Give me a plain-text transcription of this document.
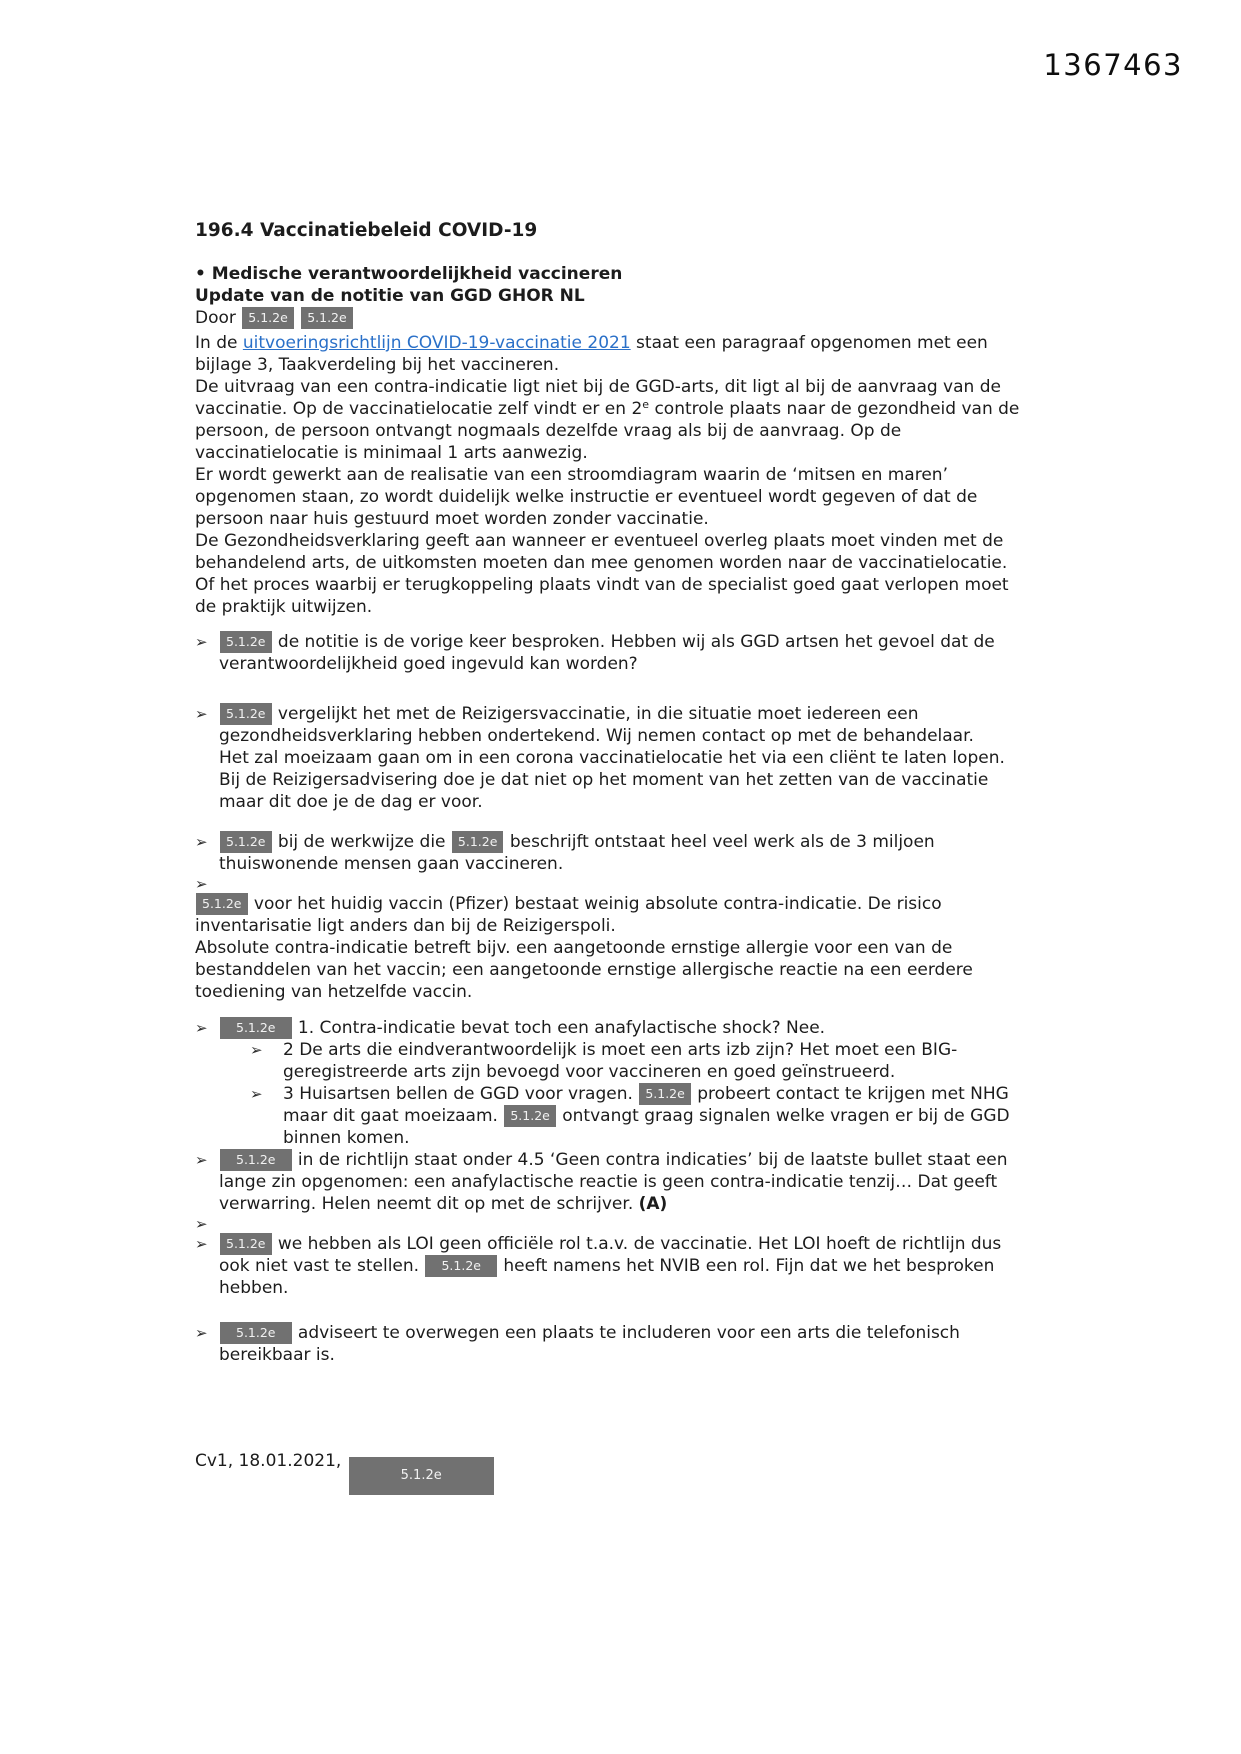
1367463
196.4 Vaccinatiebeleid COVID-19
• Medische verantwoordelijkheid vaccineren
Update van de notitie van GGD GHOR NL
Door 5.1.2e 5.1.2e

In de uitvoeringsrichtlijn COVID-19-vaccinatie 2021 staat een paragraaf opgenomen met een bijlage 3, Taakverdeling bij het vaccineren.

De uitvraag van een contra-indicatie ligt niet bij de GGD-arts, dit ligt al bij de aanvraag van de vaccinatie. Op de vaccinatielocatie zelf vindt er en 2e controle plaats naar de gezondheid van de persoon, de persoon ontvangt nogmaals dezelfde vraag als bij de aanvraag. Op de vaccinatielocatie is minimaal 1 arts aanwezig.

Er wordt gewerkt aan de realisatie van een stroomdiagram waarin de ‘mitsen en maren’ opgenomen staan, zo wordt duidelijk welke instructie er eventueel wordt gegeven of dat de persoon naar huis gestuurd moet worden zonder vaccinatie.

De Gezondheidsverklaring geeft aan wanneer er eventueel overleg plaats moet vinden met de behandelend arts, de uitkomsten moeten dan mee genomen worden naar de vaccinatielocatie.

Of het proces waarbij er terugkoppeling plaats vindt van de specialist goed gaat verlopen moet de praktijk uitwijzen.

➢ 5.1.2e de notitie is de vorige keer besproken. Hebben wij als GGD artsen het gevoel dat de verantwoordelijkheid goed ingevuld kan worden?
➢ 5.1.2e vergelijkt het met de Reizigersvaccinatie, in die situatie moet iedereen een gezondheidsverklaring hebben ondertekend. Wij nemen contact op met de behandelaar.
Het zal moeizaam gaan om in een corona vaccinatielocatie het via een cliënt te laten lopen. Bij de Reizigersadvisering doe je dat niet op het moment van het zetten van de vaccinatie maar dit doe je de dag er voor.
➢ 5.1.2e bij de werkwijze die 5.1.2e beschrijft ontstaat heel veel werk als de 3 miljoen thuiswonende mensen gaan vaccineren.
➢

5.1.2e voor het huidig vaccin (Pfizer) bestaat weinig absolute contra-indicatie. De risico inventarisatie ligt anders dan bij de Reizigerspoli.

Absolute contra-indicatie betreft bijv. een aangetoonde ernstige allergie voor een van de bestanddelen van het vaccin; een aangetoonde ernstige allergische reactie na een eerdere toediening van hetzelfde vaccin.

➢ 5.1.2e 1. Contra-indicatie bevat toch een anafylactische shock? Nee.
➢ 2 De arts die eindverantwoordelijk is moet een arts izb zijn? Het moet een BIG-geregistreerde arts zijn bevoegd voor vaccineren en goed geïnstrueerd.
➢ 3 Huisartsen bellen de GGD voor vragen. 5.1.2e probeert contact te krijgen met NHG maar dit gaat moeizaam. 5.1.2e ontvangt graag signalen welke vragen er bij de GGD binnen komen.
➢ 5.1.2e in de richtlijn staat onder 4.5 ‘Geen contra indicaties’ bij de laatste bullet staat een lange zin opgenomen: een anafylactische reactie is geen contra-indicatie tenzij… Dat geeft verwarring. Helen neemt dit op met de schrijver. (A)
➢
➢ 5.1.2e we hebben als LOI geen officiële rol t.a.v. de vaccinatie. Het LOI hoeft de richtlijn dus ook niet vast te stellen. 5.1.2e heeft namens het NVIB een rol. Fijn dat we het besproken hebben.
➢ 5.1.2e adviseert te overwegen een plaats te includeren voor een arts die telefonisch bereikbaar is.
Cv1, 18.01.2021, 5.1.2e
